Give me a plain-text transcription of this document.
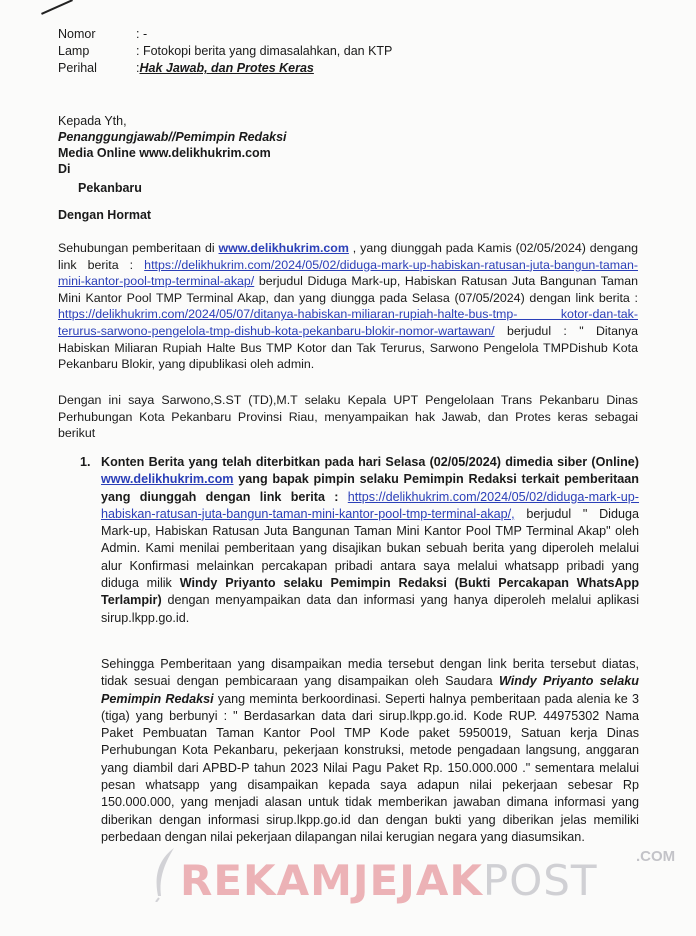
Nomor	: -
Lamp	: Fotokopi berita yang dimasalahkan, dan KTP
Perihal	: Hak Jawab, dan Protes Keras
Kepada Yth,
Penanggungjawab//Pemimpin Redaksi
Media Online www.delikhukrim.com
Di
Pekanbaru
Dengan Hormat
Sehubungan pemberitaan di www.delikhukrim.com , yang diunggah pada Kamis (02/05/2024) dengang link berita : https://delikhukrim.com/2024/05/02/diduga-mark-up-habiskan-ratusan-juta-bangun-taman-mini-kantor-pool-tmp-terminal-akap/ berjudul Diduga Mark-up, Habiskan Ratusan Juta Bangunan Taman Mini Kantor Pool TMP Terminal Akap, dan yang diungga pada Selasa (07/05/2024) dengan link berita : https://delikhukrim.com/2024/05/07/ditanya-habiskan-miliaran-rupiah-halte-bus-tmp- kotor-dan-tak-terurus-sarwono-pengelola-tmp-dishub-kota-pekanbaru-blokir-nomor-wartawan/ berjudul : " Ditanya Habiskan Miliaran Rupiah Halte Bus TMP Kotor dan Tak Terurus, Sarwono Pengelola TMPDishub Kota Pekanbaru Blokir, yang dipublikasi oleh admin.
Dengan ini saya Sarwono,S.ST (TD),M.T selaku Kepala UPT Pengelolaan Trans Pekanbaru Dinas Perhubungan Kota Pekanbaru Provinsi Riau, menyampaikan hak Jawab, dan Protes keras sebagai berikut
1. Konten Berita yang telah diterbitkan pada hari Selasa (02/05/2024) dimedia siber (Online) www.delikhukrim.com yang bapak pimpin selaku Pemimpin Redaksi terkait pemberitaan yang diunggah dengan link berita : https://delikhukrim.com/2024/05/02/diduga-mark-up-habiskan-ratusan-juta-bangun-taman-mini-kantor-pool-tmp-terminal-akap/, berjudul " Diduga Mark-up, Habiskan Ratusan Juta Bangunan Taman Mini Kantor Pool TMP Terminal Akap" oleh Admin. Kami menilai pemberitaan yang disajikan bukan sebuah berita yang diperoleh melalui alur Konfirmasi melainkan percakapan pribadi antara saya melalui whatsapp pribadi yang diduga milik Windy Priyanto selaku Pemimpin Redaksi (Bukti Percakapan WhatsApp Terlampir) dengan menyampaikan data dan informasi yang hanya diperoleh melalui aplikasi sirup.lkpp.go.id.
Sehingga Pemberitaan yang disampaikan media tersebut dengan link berita tersebut diatas, tidak sesuai dengan pembicaraan yang disampaikan oleh Saudara Windy Priyanto selaku Pemimpin Redaksi yang meminta berkoordinasi. Seperti halnya pemberitaan pada alenia ke 3 (tiga) yang berbunyi : " Berdasarkan data dari sirup.lkpp.go.id. Kode RUP. 44975302 Nama Paket Pembuatan Taman Kantor Pool TMP Kode paket 5950019, Satuan kerja Dinas Perhubungan Kota Pekanbaru, pekerjaan konstruksi, metode pengadaan langsung, anggaran yang diambil dari APBD-P tahun 2023 Nilai Pagu Paket Rp. 150.000.000 ." sementara melalui pesan whatsapp yang disampaikan kepada saya adapun nilai pekerjaan sebesar Rp 150.000.000, yang menjadi alasan untuk tidak memberikan jawaban dimana informasi yang diberikan dengan informasi sirup.lkpp.go.id dan dengan bukti yang diberikan jelas memiliki perbedaan dengan nilai pekerjaan dilapangan nilai kerugian negara yang diasumsikan.
REKAMJEJAKPOST	.COM
